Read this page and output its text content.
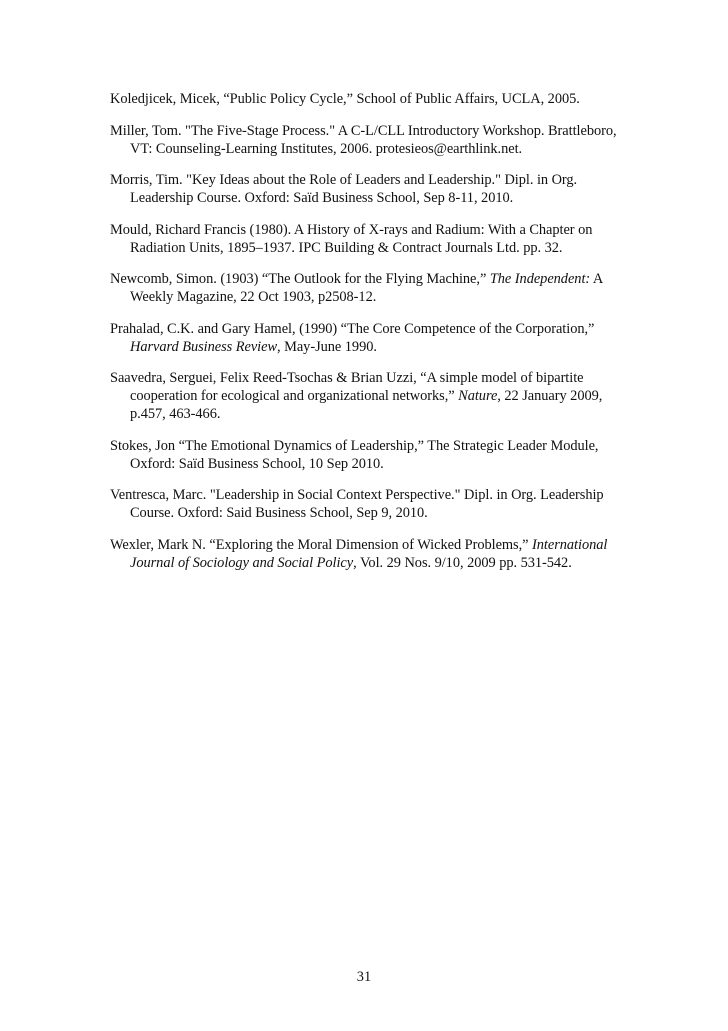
Koledjicek, Micek, “Public Policy Cycle,” School of Public Affairs, UCLA, 2005.
Miller, Tom. "The Five-Stage Process." A C-L/CLL Introductory Workshop. Brattleboro, VT: Counseling-Learning Institutes, 2006. protesieos@earthlink.net.
Morris, Tim. "Key Ideas about the Role of Leaders and Leadership." Dipl. in Org. Leadership Course. Oxford: Saïd Business School, Sep 8-11, 2010.
Mould, Richard Francis (1980). A History of X-rays and Radium: With a Chapter on Radiation Units, 1895–1937. IPC Building & Contract Journals Ltd. pp. 32.
Newcomb, Simon. (1903) “The Outlook for the Flying Machine,” The Independent: A Weekly Magazine, 22 Oct 1903, p2508-12.
Prahalad, C.K. and Gary Hamel, (1990) “The Core Competence of the Corporation,” Harvard Business Review, May-June 1990.
Saavedra, Serguei, Felix Reed-Tsochas & Brian Uzzi, “A simple model of bipartite cooperation for ecological and organizational networks,” Nature, 22 January 2009, p.457, 463-466.
Stokes, Jon “The Emotional Dynamics of Leadership,” The Strategic Leader Module, Oxford: Saïd Business School, 10 Sep 2010.
Ventresca, Marc. "Leadership in Social Context Perspective." Dipl. in Org. Leadership Course. Oxford: Said Business School, Sep 9, 2010.
Wexler, Mark N. “Exploring the Moral Dimension of Wicked Problems,” International Journal of Sociology and Social Policy, Vol. 29 Nos. 9/10, 2009 pp. 531-542.
31
